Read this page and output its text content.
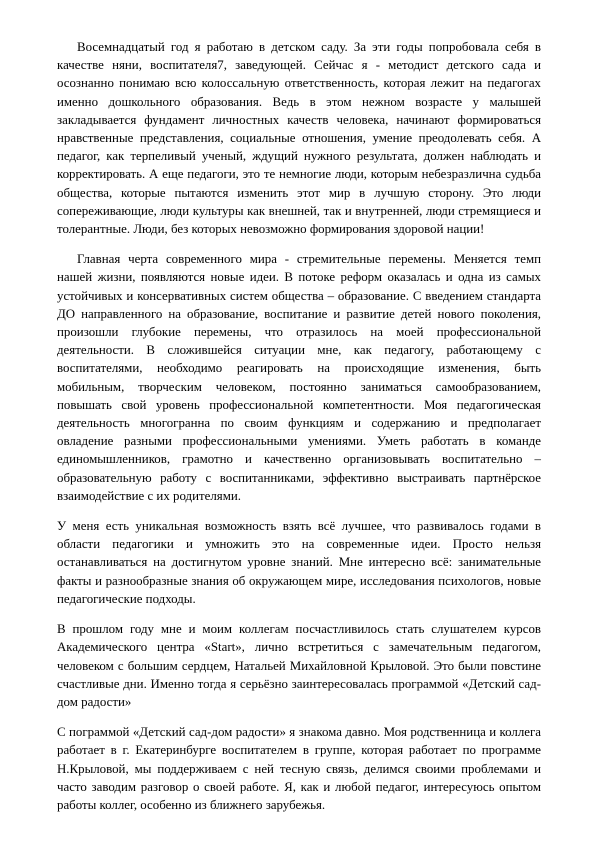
Восемнадцатый год я работаю в детском саду. За эти годы попробовала себя в качестве няни, воспитателя7, заведующей. Сейчас я - методист детского сада и осознанно понимаю всю колоссальную ответственность, которая лежит на педагогах именно дошкольного образования. Ведь в этом нежном возрасте у малышей закладывается фундамент личностных качеств человека, начинают формироваться нравственные представления, социальные отношения, умение преодолевать себя. А педагог, как терпеливый ученый, ждущий нужного результата, должен наблюдать и корректировать. А еще педагоги, это те немногие люди, которым небезразлична судьба общества, которые пытаются изменить этот мир в лучшую сторону. Это люди сопереживающие, люди культуры как внешней, так и внутренней, люди стремящиеся и толерантные. Люди, без которых невозможно формирования здоровой нации!

Главная черта современного мира - стремительные перемены. Меняется темп нашей жизни, появляются новые идеи. В потоке реформ оказалась и одна из самых устойчивых и консервативных систем общества – образование. С введением стандарта ДО направленного на образование, воспитание и развитие детей нового поколения, произошли глубокие перемены, что отразилось на моей профессиональной деятельности. В сложившейся ситуации мне, как педагогу, работающему с воспитателями, необходимо реагировать на происходящие изменения, быть мобильным, творческим человеком, постоянно заниматься самообразованием, повышать свой уровень профессиональной компетентности. Моя педагогическая деятельность многогранна по своим функциям и содержанию и предполагает овладение разными профессиональными умениями. Уметь работать в команде единомышленников, грамотно и качественно организовывать воспитательно – образовательную работу с воспитанниками, эффективно выстраивать партнёрское взаимодействие с их родителями.

У меня есть уникальная возможность взять всё лучшее, что развивалось годами в области педагогики и умножить это на современные идеи. Просто нельзя останавливаться на достигнутом уровне знаний. Мне интересно всё: занимательные факты и разнообразные знания об окружающем мире, исследования психологов, новые педагогические подходы.

В прошлом году мне и моим коллегам посчастливилось стать слушателем курсов Академического центра «Start», лично встретиться с замечательным педагогом, человеком с большим сердцем, Натальей Михайловной Крыловой. Это были повстине счастливые дни. Именно тогда я серьёзно заинтересовалась программой «Детский сад-дом радости»

С пограммой «Детский сад-дом радости» я знакома давно. Моя родственница и коллега работает в г. Екатеринбурге воспитателем в группе, которая работает по программе Н.Крыловой, мы поддерживаем с ней тесную связь, делимся своими проблемами и часто заводим разговор о своей работе. Я, как и любой педагог, интересуюсь опытом работы коллег, особенно из ближнего зарубежья.
